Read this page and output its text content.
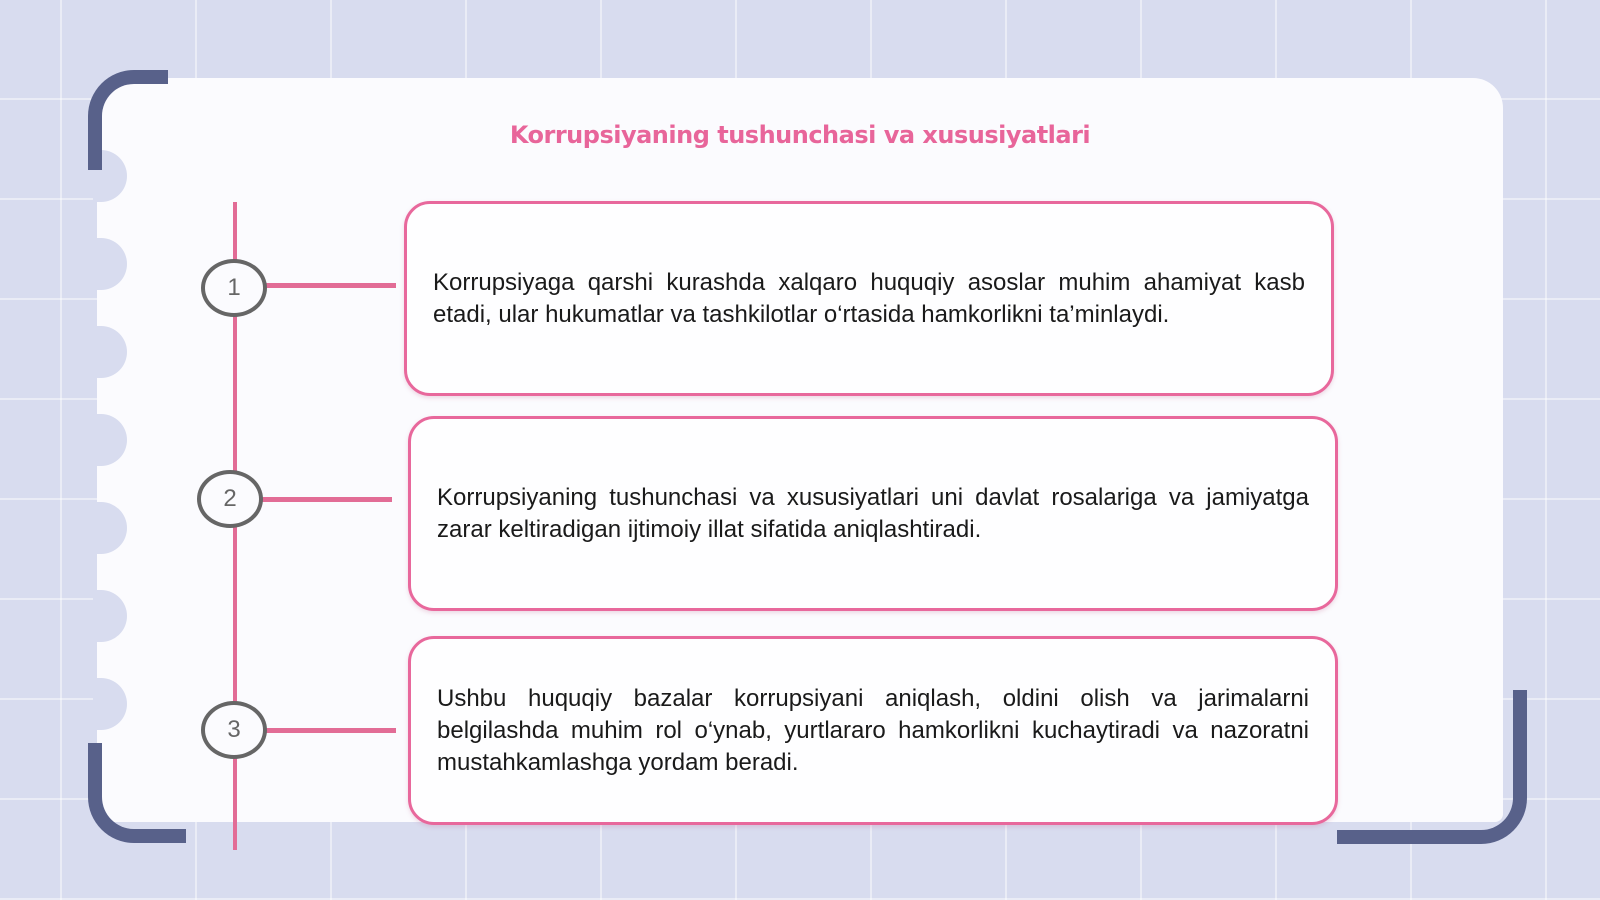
Korrupsiyaning tushunchasi va xususiyatlari
1
2
3

Korrupsiyaga qarshi kurashda xalqaro huquqiy asoslar muhim ahamiyat kasb etadi, ular hukumatlar va tashkilotlar o‘rtasida hamkorlikni ta’minlaydi.

Korrupsiyaning tushunchasi va xususiyatlari uni davlat rosalariga va jamiyatga zarar keltiradigan ijtimoiy illat sifatida aniqlashtiradi.

Ushbu huquqiy bazalar korrupsiyani aniqlash, oldini olish va jarimalarni belgilashda muhim rol o‘ynab, yurtlararo hamkorlikni kuchaytiradi va nazoratni mustahkamlashga yordam beradi.
